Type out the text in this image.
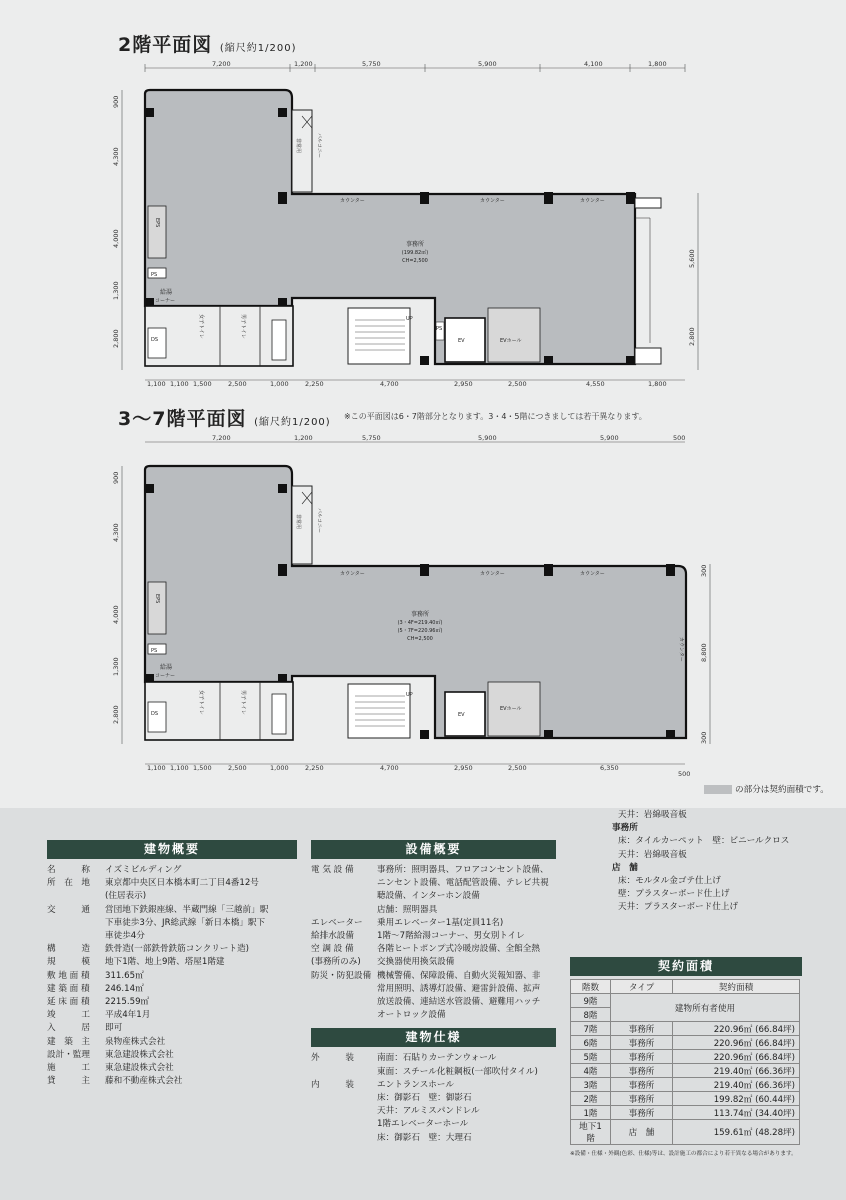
2階平面図 (縮尺約1/200)
7,200	1,200	5,750	5,900	4,100	1,800
900
4,300
4,000
1,300
2,800
5,600
2,800
バルコニー
非常用
カウンター	カウンター	カウンター
EPS
PS
給湯
コーナー
事務所
(199.82㎡)
CH=2,500
DS
女子トイレ	男子トイレ	UP
EV	EVホール
PS
1,100 1,100 1,500	2,500	1,000	2,250	4,700	2,950	2,500	4,550	1,800
3〜7階平面図 (縮尺約1/200)
※この平面図は6・7階部分となります。3・4・5階につきましては若干異なります。
7,200	1,200	5,750	5,900	5,900	500
900
4,300
4,000
1,300
2,800
300
8,800
300
バルコニー
非常用
カウンター	カウンター	カウンター
カウンター
EPS
PS
給湯
コーナー
事務所
(3・4F=219.40㎡)
(5・7F=220.96㎡)
CH=2,500
DS	女子トイレ	男子トイレ	UP
EV
EVホール
1,100 1,100 1,500	2,500	1,000	2,250	4,700	2,950	2,500	6,350
500
の部分は契約面積です。
建物概要
名　　　称	イズミビルディング
所　在　地	東京都中央区日本橋本町二丁目4番12号
(住居表示)
交　　　通	営団地下鉄銀座線、半蔵門線「三越前」駅
下車徒歩3分、JR総武線「新日本橋」駅下
車徒歩4分
構　　　造	鉄骨造(一部鉄骨鉄筋コンクリート造)
規　　　模	地下1階、地上9階、塔屋1階建
敷 地 面 積	311.65㎡
建 築 面 積	246.14㎡
延 床 面 積	2215.59㎡
竣　　　工	平成4年1月
入　　　居	即可
建　築　主	泉物産株式会社
設計・監理	東急建設株式会社
施　　　工	東急建設株式会社
貸　　　主	藤和不動産株式会社
設備概要
電 気 設 備	事務所：照明器具、フロアコンセント設備、
ニンセント設備、電話配管設備、テレビ共視
聴設備、インターホン設備
店舗：照明器具
エレベーター	乗用エレベーター1基(定員11名)
給排水設備	1階〜7階給湯コーナー、男女別トイレ
空 調 設 備	各階ヒートポンプ式冷暖房設備、全館全熱
(事務所のみ)	交換器使用換気設備
防災・防犯設備 機械警備、保障設備、自動火災報知器、非
常用照明、誘導灯設備、避雷針設備、拡声
放送設備、連結送水管設備、避難用ハッチ
オートロック設備
建物仕様
外　　　装	南面：石貼りカーテンウォール
東面：スチール化粧鋼板(一部吹付タイル)
内　　　装	エントランスホール
床：御影石　壁：御影石
天井：アルミスパンドレル
1階エレベーターホール
床：御影石　壁：大理石
天井：岩綿吸音板
事務所
床：タイルカーペット　壁：ビニールクロス
天井：岩綿吸音板
店　舗
床：モルタル金ゴテ仕上げ
壁：プラスターボード仕上げ
天井：プラスターボード仕上げ
契約面積
階数	タイプ	契約面積
9階	建物所有者使用	
8階		
7階	事務所	220.96㎡ (66.84坪)
6階	事務所	220.96㎡ (66.84坪)
5階	事務所	220.96㎡ (66.84坪)
4階	事務所	219.40㎡ (66.36坪)
3階	事務所	219.40㎡ (66.36坪)
2階	事務所	199.82㎡ (60.44坪)
1階	事務所	113.74㎡ (34.40坪)
地下1階	店　舗	159.61㎡ (48.28坪)
※設備・仕様・外観(色彩、仕様)等は、設計施工の都合により若干異なる場合があります。
